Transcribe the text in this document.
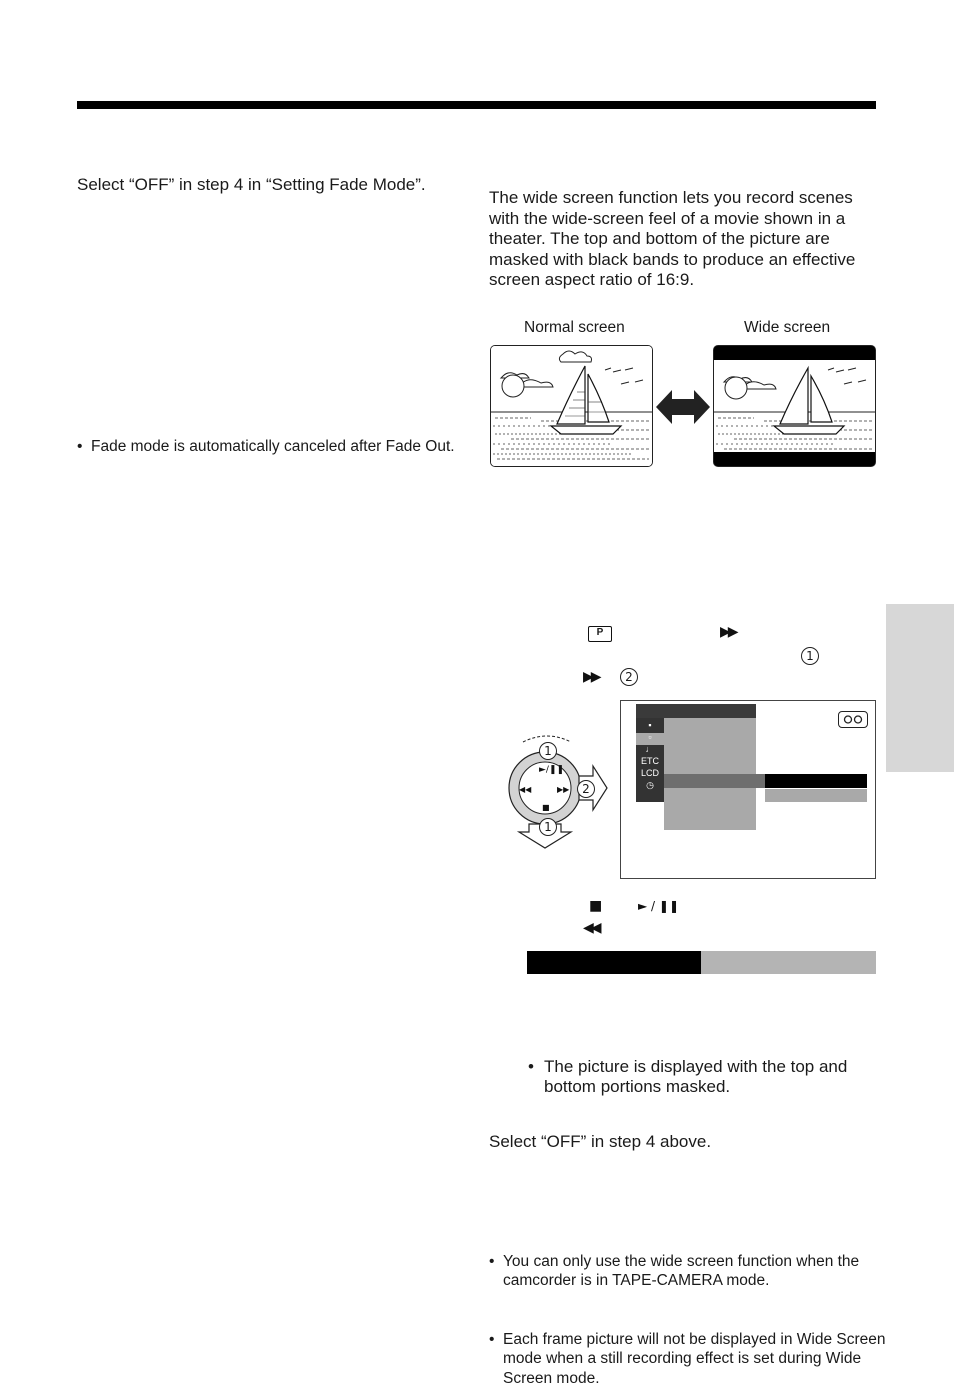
Select “OFF” in step 4 in “Setting Fade Mode”.
• Fade mode is automatically canceled after Fade Out.
The wide screen function lets you record scenes with the wide-screen feel of a movie shown in a theater. The top and bottom of the picture are masked with black bands to produce an effective screen aspect ratio of 16:9.
Normal screen	Wide screen
P	▶▶
1
▶▶	2
►/❚❚
◀◀	▶▶
■
1
2
1
▪
▫
♩
ETC
LCD
◷
■	► / ❚❚
◀◀
• The picture is displayed with the top and bottom portions masked.
Select “OFF” in step 4 above.
• You can only use the wide screen function when the camcorder is in TAPE-CAMERA mode.
• Each frame picture will not be displayed in Wide Screen mode when a still recording effect is set during Wide Screen mode.
